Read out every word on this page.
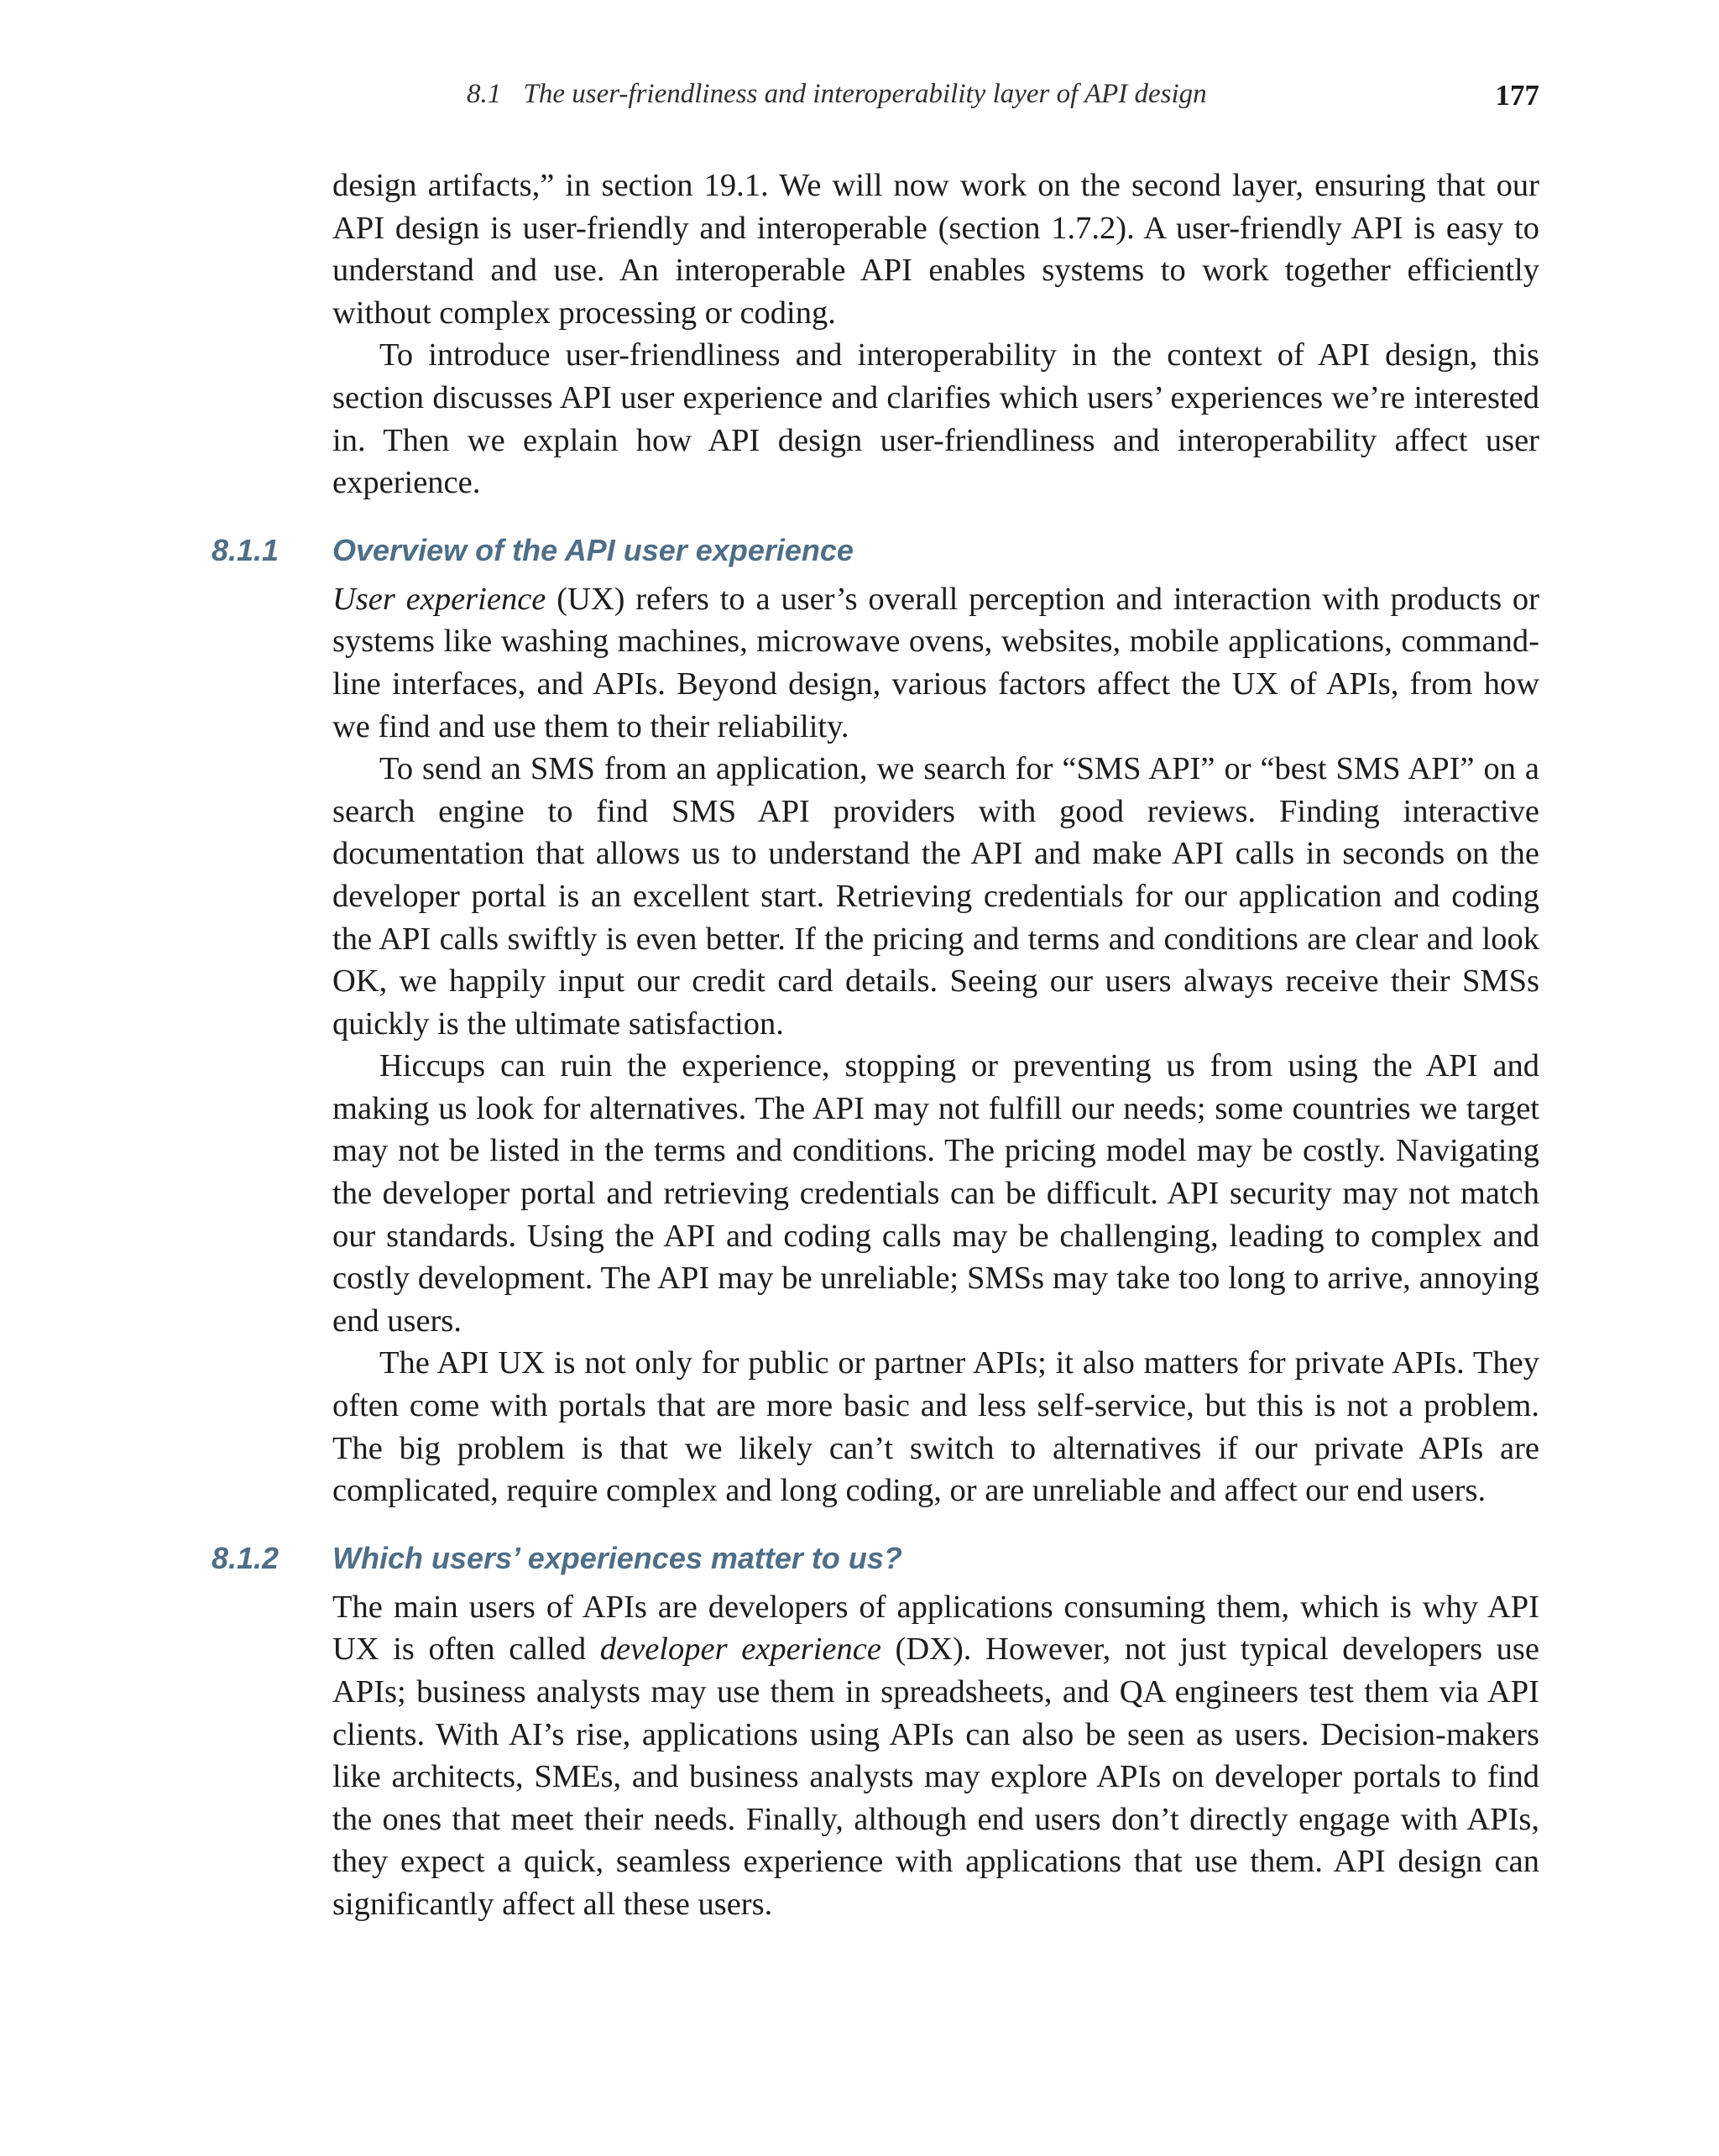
8.1 The user-friendliness and interoperability layer of API design	177

design artifacts,” in section 19.1. We will now work on the second layer, ensuring that our API design is user-friendly and interoperable (section 1.7.2). A user-friendly API is easy to understand and use. An interoperable API enables systems to work together efficiently without complex processing or coding.

To introduce user-friendliness and interoperability in the context of API design, this section discusses API user experience and clarifies which users’ experiences we’re interested in. Then we explain how API design user-friendliness and interoperability affect user experience.

8.1.1 Overview of the API user experience

User experience (UX) refers to a user’s overall perception and interaction with products or systems like washing machines, microwave ovens, websites, mobile applications, command-line interfaces, and APIs. Beyond design, various factors affect the UX of APIs, from how we find and use them to their reliability.

To send an SMS from an application, we search for “SMS API” or “best SMS API” on a search engine to find SMS API providers with good reviews. Finding interactive documentation that allows us to understand the API and make API calls in seconds on the developer portal is an excellent start. Retrieving credentials for our application and coding the API calls swiftly is even better. If the pricing and terms and conditions are clear and look OK, we happily input our credit card details. Seeing our users always receive their SMSs quickly is the ultimate satisfaction.

Hiccups can ruin the experience, stopping or preventing us from using the API and making us look for alternatives. The API may not fulfill our needs; some countries we target may not be listed in the terms and conditions. The pricing model may be costly. Navigating the developer portal and retrieving credentials can be difficult. API security may not match our standards. Using the API and coding calls may be challenging, leading to complex and costly development. The API may be unreliable; SMSs may take too long to arrive, annoying end users.

The API UX is not only for public or partner APIs; it also matters for private APIs. They often come with portals that are more basic and less self-service, but this is not a problem. The big problem is that we likely can’t switch to alternatives if our private APIs are complicated, require complex and long coding, or are unreliable and affect our end users.

8.1.2 Which users’ experiences matter to us?

The main users of APIs are developers of applications consuming them, which is why API UX is often called developer experience (DX). However, not just typical developers use APIs; business analysts may use them in spreadsheets, and QA engineers test them via API clients. With AI’s rise, applications using APIs can also be seen as users. Decision-makers like architects, SMEs, and business analysts may explore APIs on developer portals to find the ones that meet their needs. Finally, although end users don’t directly engage with APIs, they expect a quick, seamless experience with applications that use them. API design can significantly affect all these users.
